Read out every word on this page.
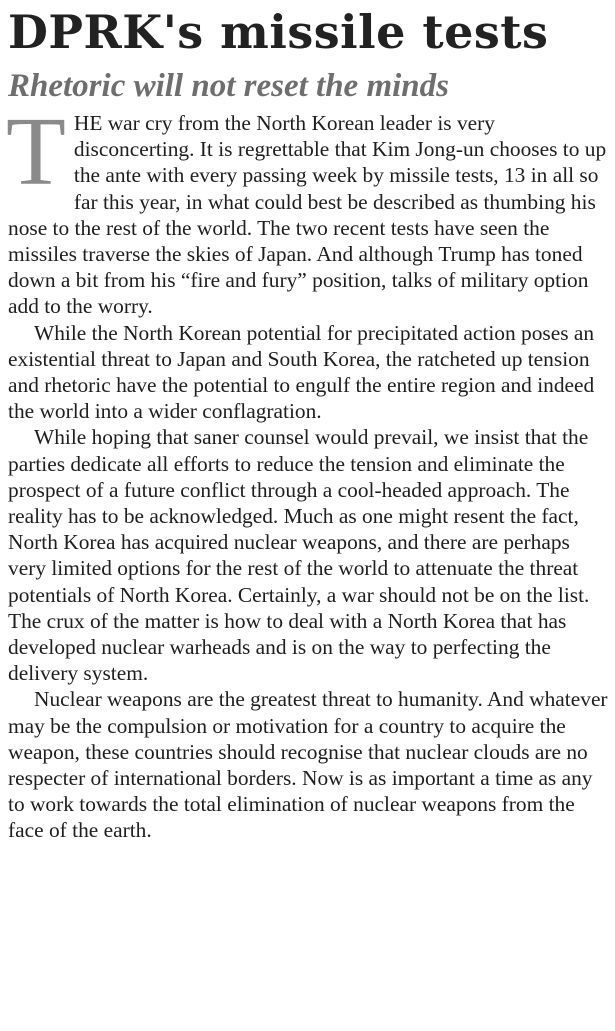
DPRK's missile tests
Rhetoric will not reset the minds

THE war cry from the North Korean leader is very disconcerting. It is regrettable that Kim Jong-un chooses to up the ante with every passing week by missile tests, 13 in all so far this year, in what could best be described as thumbing his nose to the rest of the world. The two recent tests have seen the missiles traverse the skies of Japan. And although Trump has toned down a bit from his “fire and fury” position, talks of military option add to the worry.

While the North Korean potential for precipitated action poses an existential threat to Japan and South Korea, the ratcheted up tension and rhetoric have the potential to engulf the entire region and indeed the world into a wider conflagration.

While hoping that saner counsel would prevail, we insist that the parties dedicate all efforts to reduce the tension and eliminate the prospect of a future conflict through a cool-headed approach. The reality has to be acknowledged. Much as one might resent the fact, North Korea has acquired nuclear weapons, and there are perhaps very limited options for the rest of the world to attenuate the threat potentials of North Korea. Certainly, a war should not be on the list. The crux of the matter is how to deal with a North Korea that has developed nuclear warheads and is on the way to perfecting the delivery system.

Nuclear weapons are the greatest threat to humanity. And whatever may be the compulsion or motivation for a country to acquire the weapon, these countries should recognise that nuclear clouds are no respecter of international borders. Now is as important a time as any to work towards the total elimination of nuclear weapons from the face of the earth.
